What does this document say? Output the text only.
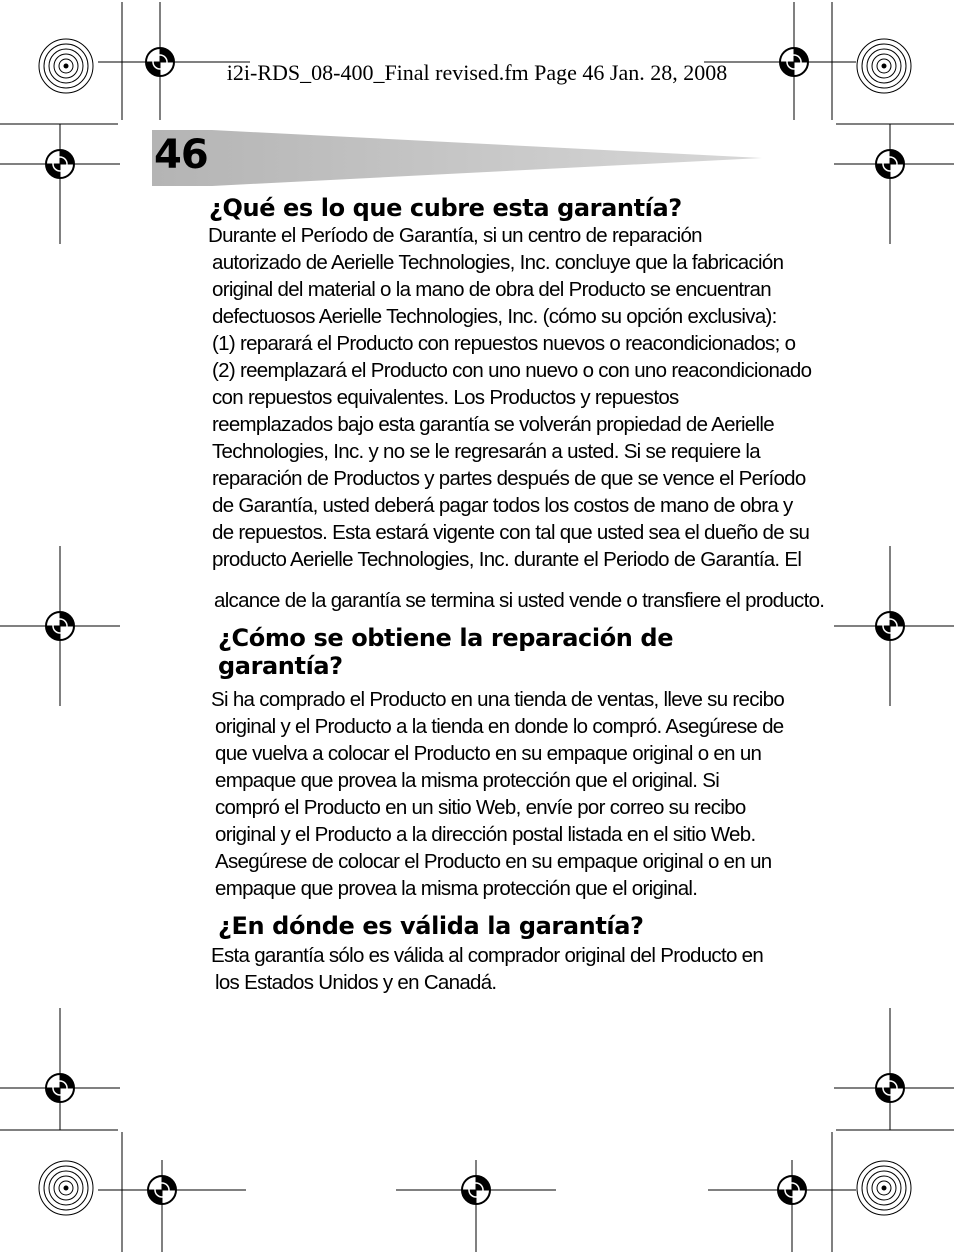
i2i-RDS_08-400_Final revised.fm Page 46 Jan. 28, 2008
46
¿Qué es lo que cubre esta garantía?

Durante el Período de Garantía, si un centro de reparación
autorizado de Aerielle Technologies, Inc. concluye que la fabricación
original del material o la mano de obra del Producto se encuentran
defectuosos Aerielle Technologies, Inc. (cómo su opción exclusiva):
(1) reparará el Producto con repuestos nuevos o reacondicionados; o
(2) reemplazará el Producto con uno nuevo o con uno reacondicionado
con repuestos equivalentes. Los Productos y repuestos
reemplazados bajo esta garantía se volverán propiedad de Aerielle
Technologies, Inc. y no se le regresarán a usted. Si se requiere la
reparación de Productos y partes después de que se vence el Período
de Garantía, usted deberá pagar todos los costos de mano de obra y
de repuestos. Esta estará vigente con tal que usted sea el dueño de su
producto Aerielle Technologies, Inc. durante el Periodo de Garantía. El

alcance de la garantía se termina si usted vende o transfiere el producto.

¿Cómo se obtiene la reparación de
garantía?

Si ha comprado el Producto en una tienda de ventas, lleve su recibo
original y el Producto a la tienda en donde lo compró. Asegúrese de
que vuelva a colocar el Producto en su empaque original o en un
empaque que provea la misma protección que el original. Si
compró el Producto en un sitio Web, envíe por correo su recibo
original y el Producto a la dirección postal listada en el sitio Web.
Asegúrese de colocar el Producto en su empaque original o en un
empaque que provea la misma protección que el original.

¿En dónde es válida la garantía?

Esta garantía sólo es válida al comprador original del Producto en
los Estados Unidos y en Canadá.
